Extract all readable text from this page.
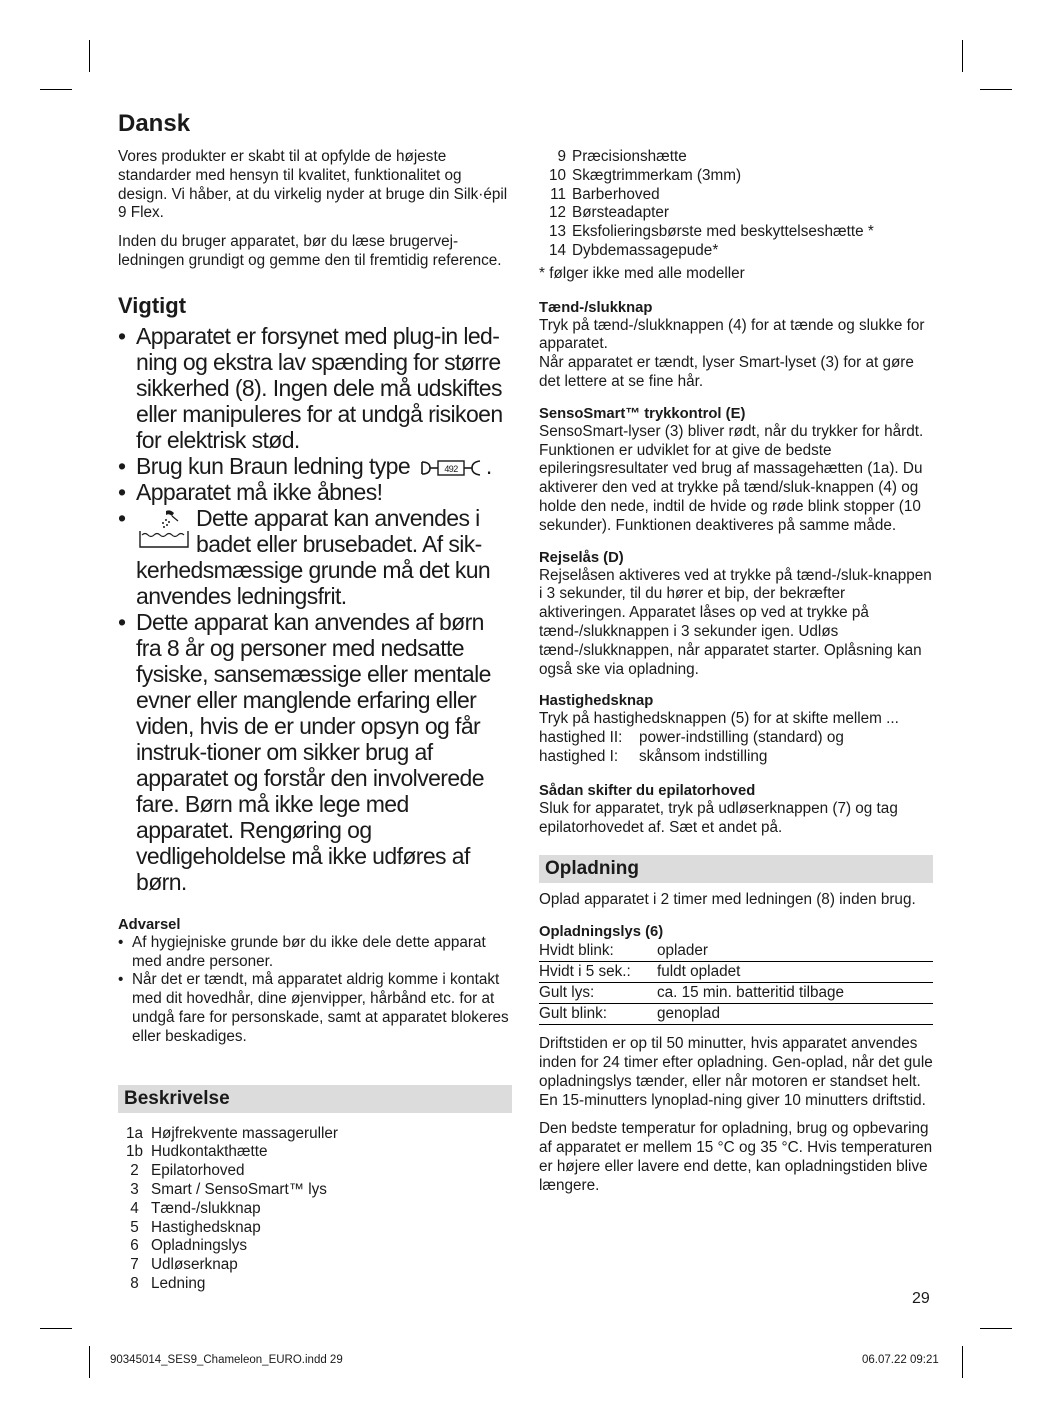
Dansk

Vores produkter er skabt til at opfylde de højeste standarder med hensyn til kvalitet, funktionalitet og design. Vi håber, at du virkelig nyder at bruge din Silk·épil 9 Flex.

Inden du bruger apparatet, bør du læse brugervej-ledningen grundigt og gemme den til fremtidig reference.

Vigtigt
• Apparatet er forsynet med plug-in led-ning og ekstra lav spænding for større sikkerhed (8). Ingen dele må udskiftes eller manipuleres for at undgå risikoen for elektrisk stød.
• Brug kun Braun ledning type	492 .
• Apparatet må ikke åbnes!
• Dette apparat kan anvendes i badet eller brusebadet. Af sik-kerhedsmæssige grunde må det kun anvendes ledningsfrit.
• Dette apparat kan anvendes af børn fra 8 år og personer med nedsatte fysiske, sansemæssige eller mentale evner eller manglende erfaring eller viden, hvis de er under opsyn og får instruk-tioner om sikker brug af apparatet og forstår den involverede fare. Børn må ikke lege med apparatet. Rengøring og vedligeholdelse må ikke udføres af børn.
Advarsel
• Af hygiejniske grunde bør du ikke dele dette apparat med andre personer.
• Når det er tændt, må apparatet aldrig komme i kontakt med dit hovedhår, dine øjenvipper, hårbånd etc. for at undgå fare for personskade, samt at apparatet blokeres eller beskadiges.
Beskrivelse
1a Højfrekvente massageruller
1b Hudkontakthætte
2 Epilatorhoved
3 Smart / SensoSmart™ lys
4 Tænd-/slukknap
5 Hastighedsknap
6 Opladningslys
7 Udløserknap
8 Ledning
9 Præcisionshætte
10 Skægtrimmerkam (3mm)
11 Barberhoved
12 Børsteadapter
13 Eksfolieringsbørste med beskyttelseshætte *
14 Dybdemassagepude*

* følger ikke med alle modeller

Tænd-/slukknap

Tryk på tænd-/slukknappen (4) for at tænde og slukke for apparatet.
Når apparatet er tændt, lyser Smart-lyset (3) for at gøre det lettere at se fine hår.

SensoSmart™ trykkontrol (E)

SensoSmart-lyser (3) bliver rødt, når du trykker for hårdt. Funktionen er udviklet for at give de bedste epileringsresultater ved brug af massagehætten (1a). Du aktiverer den ved at trykke på tænd/sluk-knappen (4) og holde den nede, indtil de hvide og røde blink stopper (10 sekunder). Funktionen deaktiveres på samme måde.

Rejselås (D)

Rejselåsen aktiveres ved at trykke på tænd-/sluk-knappen i 3 sekunder, til du hører et bip, der bekræfter aktiveringen. Apparatet låses op ved at trykke på tænd-/slukknappen i 3 sekunder igen. Udløs tænd-/slukknappen, når apparatet starter. Oplåsning kan også ske via opladning.

Hastighedsknap

Tryk på hastighedsknappen (5) for at skifte mellem ...

hastighed II:	power-indstilling (standard) og
hastighed I:	skånsom indstilling
Sådan skifter du epilatorhoved

Sluk for apparatet, tryk på udløserknappen (7) og tag epilatorhovedet af. Sæt et andet på.

Opladning

Oplad apparatet i 2 timer med ledningen (8) inden brug.

Opladningslys (6)
Hvidt blink:	oplader
Hvidt i 5 sek.:	fuldt opladet
Gult lys:	ca. 15 min. batteritid tilbage
Gult blink:	genoplad

Driftstiden er op til 50 minutter, hvis apparatet anvendes inden for 24 timer efter opladning. Gen-oplad, når det gule opladningslys tænder, eller når motoren er standset helt. En 15-minutters lynoplad-ning giver 10 minutters driftstid.

Den bedste temperatur for opladning, brug og opbevaring af apparatet er mellem 15 °C og 35 °C. Hvis temperaturen er højere eller lavere end dette, kan opladningstiden blive længere.

29
90345014_SES9_Chameleon_EURO.indd 29	06.07.22 09:21
